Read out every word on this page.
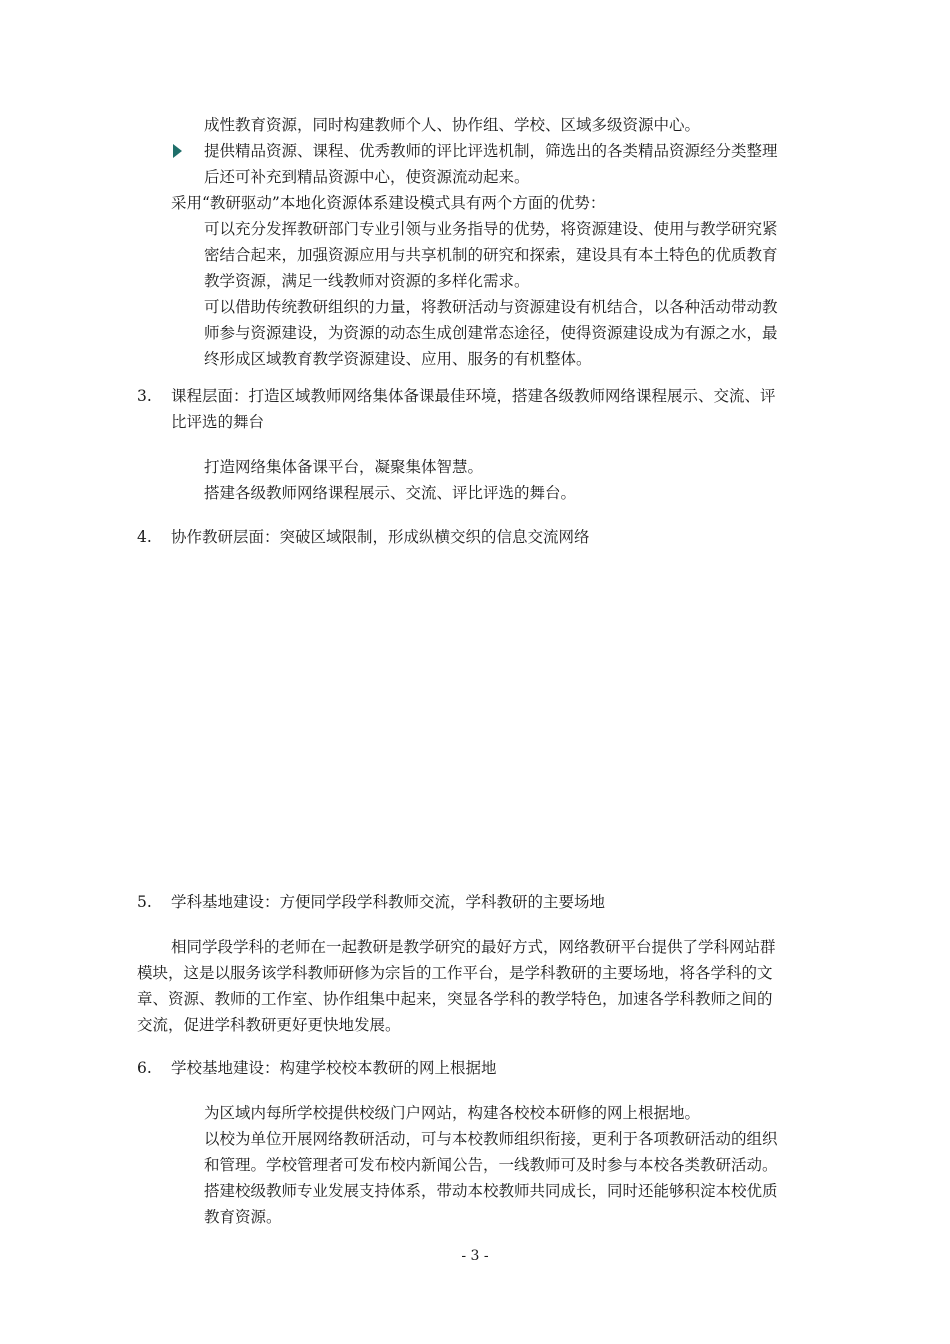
成性教育资源，同时构建教师个人、协作组、学校、区域多级资源中心。
提供精品资源、课程、优秀教师的评比评选机制，筛选出的各类精品资源经分类整理
后还可补充到精品资源中心，使资源流动起来。
采用“教研驱动”本地化资源体系建设模式具有两个方面的优势：
可以充分发挥教研部门专业引领与业务指导的优势，将资源建设、使用与教学研究紧
密结合起来，加强资源应用与共享机制的研究和探索，建设具有本土特色的优质教育
教学资源，满足一线教师对资源的多样化需求。
可以借助传统教研组织的力量，将教研活动与资源建设有机结合，以各种活动带动教
师参与资源建设，为资源的动态生成创建常态途径，使得资源建设成为有源之水，最
终形成区域教育教学资源建设、应用、服务的有机整体。
3. 课程层面：打造区域教师网络集体备课最佳环境，搭建各级教师网络课程展示、交流、评
比评选的舞台
打造网络集体备课平台，凝聚集体智慧。
搭建各级教师网络课程展示、交流、评比评选的舞台。
4. 协作教研层面：突破区域限制，形成纵横交织的信息交流网络
5. 学科基地建设：方便同学段学科教师交流，学科教研的主要场地
相同学段学科的老师在一起教研是教学研究的最好方式，网络教研平台提供了学科网站群
模块，这是以服务该学科教师研修为宗旨的工作平台，是学科教研的主要场地，将各学科的文
章、资源、教师的工作室、协作组集中起来，突显各学科的教学特色，加速各学科教师之间的
交流，促进学科教研更好更快地发展。
6. 学校基地建设：构建学校校本教研的网上根据地
为区域内每所学校提供校级门户网站，构建各校校本研修的网上根据地。
以校为单位开展网络教研活动，可与本校教师组织衔接，更利于各项教研活动的组织
和管理。学校管理者可发布校内新闻公告，一线教师可及时参与本校各类教研活动。
搭建校级教师专业发展支持体系，带动本校教师共同成长，同时还能够积淀本校优质
教育资源。
- 3 -
